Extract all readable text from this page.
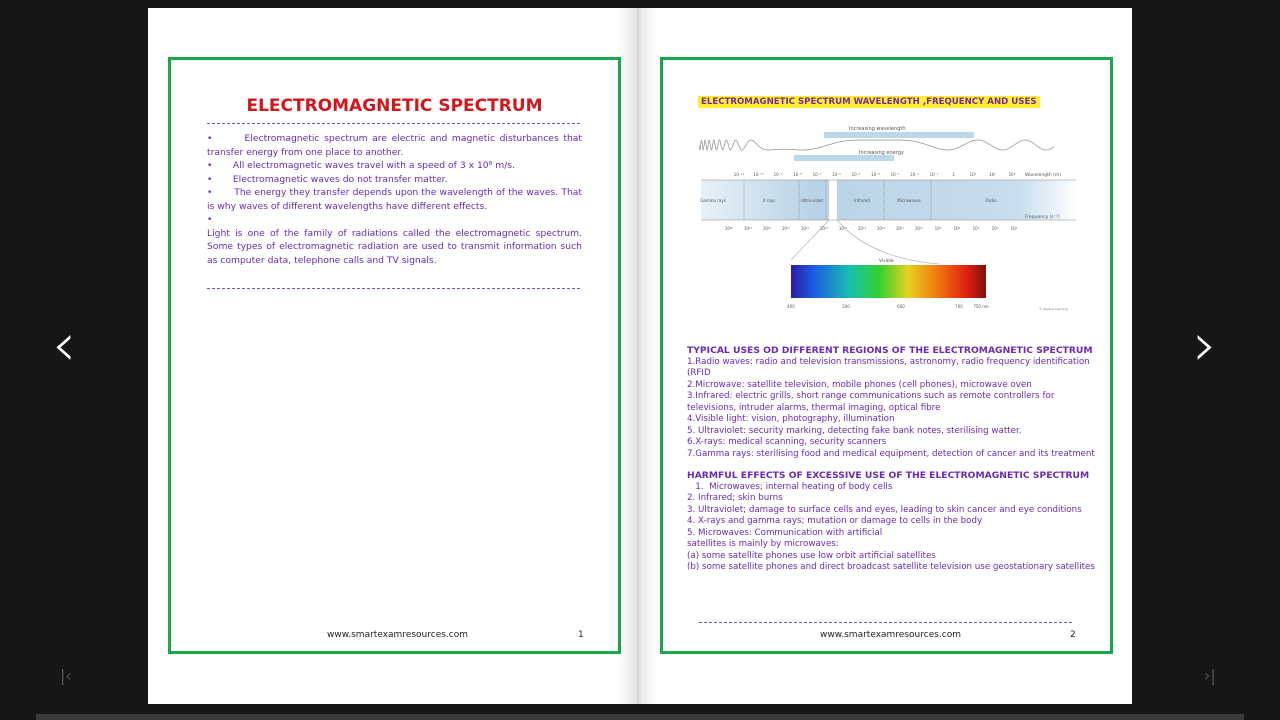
‹	›
|‹	›|
ELECTROMAGNETIC SPECTRUM

•       Electromagnetic spectrum are electric and magnetic disturbances that transfer energy from one place to another.

•       All electromagnetic waves travel with a speed of 3 x 10⁸ m/s.

•       Electromagnetic waves do not transfer matter.

•       The energy they transfer depends upon the wavelength of the waves. That is why waves of different wavelengths have different effects.

•

Light is one of the family of radiations called the electromagnetic spectrum. Some types of electromagnetic radiation are used to transmit information such as computer data, telephone calls and TV signals.

www.smartexamresources.com	1
ELECTROMAGNETIC SPECTRUM WAVELENGTH ,FREQUENCY AND USES
Increasing wavelength
Increasing energy
Gamma rays	X rays	Ultra-violet	Infrared	Microwaves	Radio
10⁻¹¹ 10⁻¹⁰ 10⁻⁹	10⁻⁸	10⁻⁷	10⁻⁶	10⁻⁵	10⁻⁴	10⁻³	10⁻²	10⁻¹	1	10¹	10²	10³
10²⁰	10¹⁹	10¹⁸	10¹⁷	10¹⁶	10¹⁵	10¹⁴	10¹³	10¹²	10¹¹	10¹⁰	10⁹	10⁸	10⁷	10⁶	10⁵
Wavelength (m)
Frequency (s⁻¹)
Visible
400	500	600	700	750 nm	© Sapling Learning
TYPICAL USES OD DIFFERENT REGIONS OF THE ELECTROMAGNETIC SPECTRUM
1.Radio waves: radio and television transmissions, astronomy, radio frequency identification (RFID
2.Microwave: satellite television, mobile phones (cell phones), microwave oven
3.Infrared: electric grills, short range communications such as remote controllers for televisions, intruder alarms, thermal imaging, optical fibre
4.Visible light: vision, photography, illumination
5. Ultraviolet: security marking, detecting fake bank notes, sterilising watter.
6.X-rays: medical scanning, security scanners
7.Gamma rays: sterilising food and medical equipment, detection of cancer and its treatment
HARMFUL EFFECTS OF EXCESSIVE USE OF THE ELECTROMAGNETIC SPECTRUM
1.  Microwaves; internal heating of body cells
2. Infrared; skin burns
3. Ultraviolet; damage to surface cells and eyes, leading to skin cancer and eye conditions
4. X-rays and gamma rays; mutation or damage to cells in the body
5. Microwaves: Communication with artificial
satellites is mainly by microwaves:
(a) some satellite phones use low orbit artificial satellites
(b) some satellite phones and direct broadcast satellite television use geostationary satellites
www.smartexamresources.com	2
